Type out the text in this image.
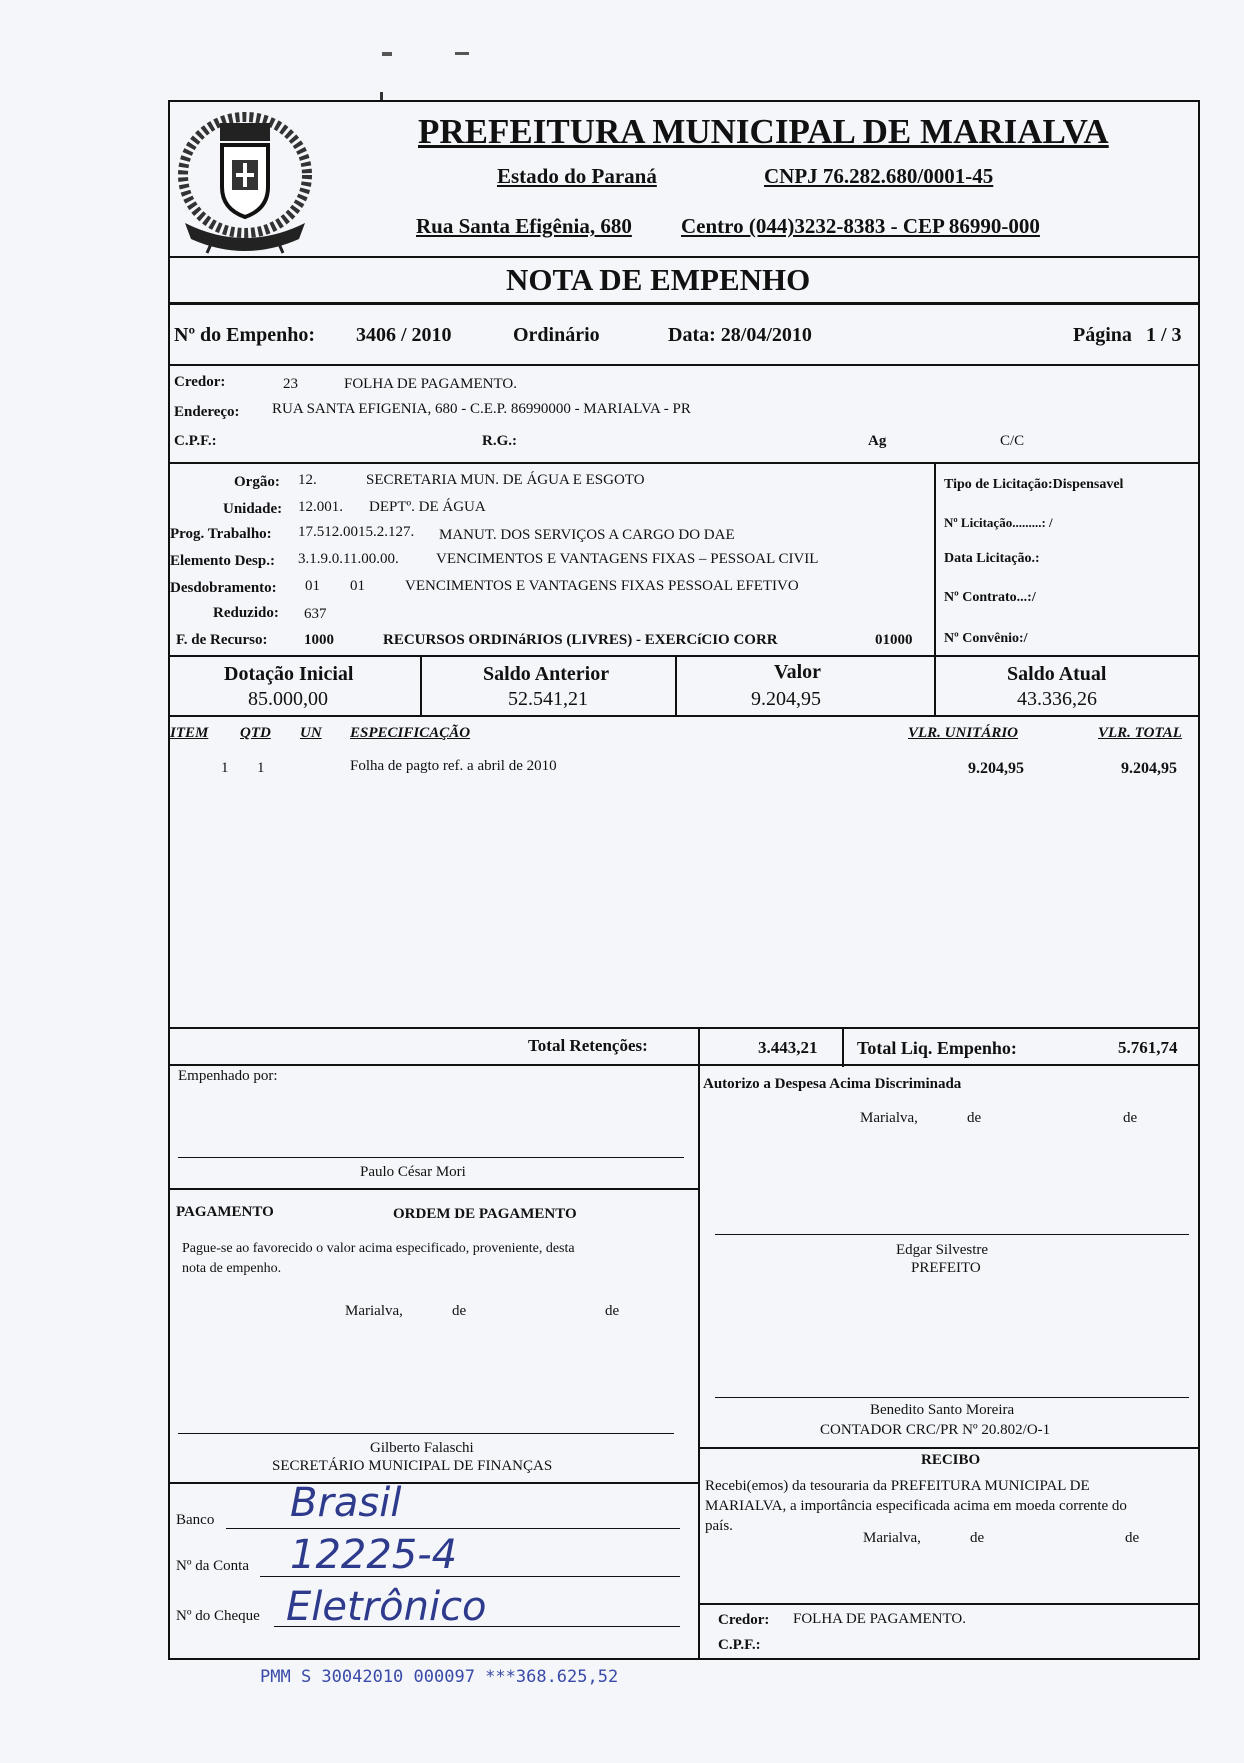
PREFEITURA MUNICIPAL DE MARIALVA
Estado do Paraná	CNPJ 76.282.680/0001-45
Rua Santa Efigênia, 680 Centro (044)3232-8383 - CEP 86990-000
NOTA DE EMPENHO
Nº do Empenho: 3406 / 2010	Ordinário	Data: 28/04/2010	Página 1 / 3
Credor:	23	FOLHA DE PAGAMENTO.
Endereço: RUA SANTA EFIGENIA, 680 - C.E.P. 86990000 - MARIALVA - PR
C.P.F.:	R.G.:	Ag	C/C
Orgão: 12.	SECRETARIA MUN. DE ÁGUA E ESGOTO
Unidade: 12.001. DEPTº. DE ÁGUA
Prog. Trabalho: 17.512.0015.2.127. MANUT. DOS SERVIÇOS A CARGO DO DAE
Elemento Desp.: 3.1.9.0.11.00.00. VENCIMENTOS E VANTAGENS FIXAS – PESSOAL CIVIL
Desdobramento: 01 01	VENCIMENTOS E VANTAGENS FIXAS PESSOAL EFETIVO
Reduzido: 637
F. de Recurso: 1000	RECURSOS ORDINáRIOS (LIVRES) - EXERCíCIO CORR	01000
Tipo de Licitação:Dispensavel
Nº Licitação.........: /
Data Licitação.:
Nº Contrato...:/
Nº Convênio:/
Dotação Inicial
85.000,00
Saldo Anterior
52.541,21
Valor
9.204,95
Saldo Atual
43.336,26
ITEM QTD UN ESPECIFICAÇÃO	VLR. UNITÁRIO	VLR. TOTAL
1 1	Folha de pagto ref. a abril de 2010	9.204,95	9.204,95
Total Retenções:	3.443,21 Total Liq. Empenho:	5.761,74
Empenhado por:
Paulo César Mori
Autorizo a Despesa Acima Discriminada
Marialva,	de	de
PAGAMENTO	ORDEM DE PAGAMENTO
Pague-se ao favorecido o valor acima especificado, proveniente, desta
nota de empenho.
Marialva,	de	de
Edgar Silvestre
PREFEITO
Benedito Santo Moreira
CONTADOR CRC/PR Nº 20.802/O-1
Gilberto Falaschi
SECRETÁRIO MUNICIPAL DE FINANÇAS	RECIBO
Recebi(emos) da tesouraria da PREFEITURA MUNICIPAL DE
MARIALVA, a importância especificada acima em moeda corrente do
país.
Marialva,	de	de
Banco Brasil
Nº da Conta 12225-4
Nº do Cheque Eletrônico	Credor: FOLHA DE PAGAMENTO.
C.P.F.:
PMM S 30042010 000097 ***368.625,52
